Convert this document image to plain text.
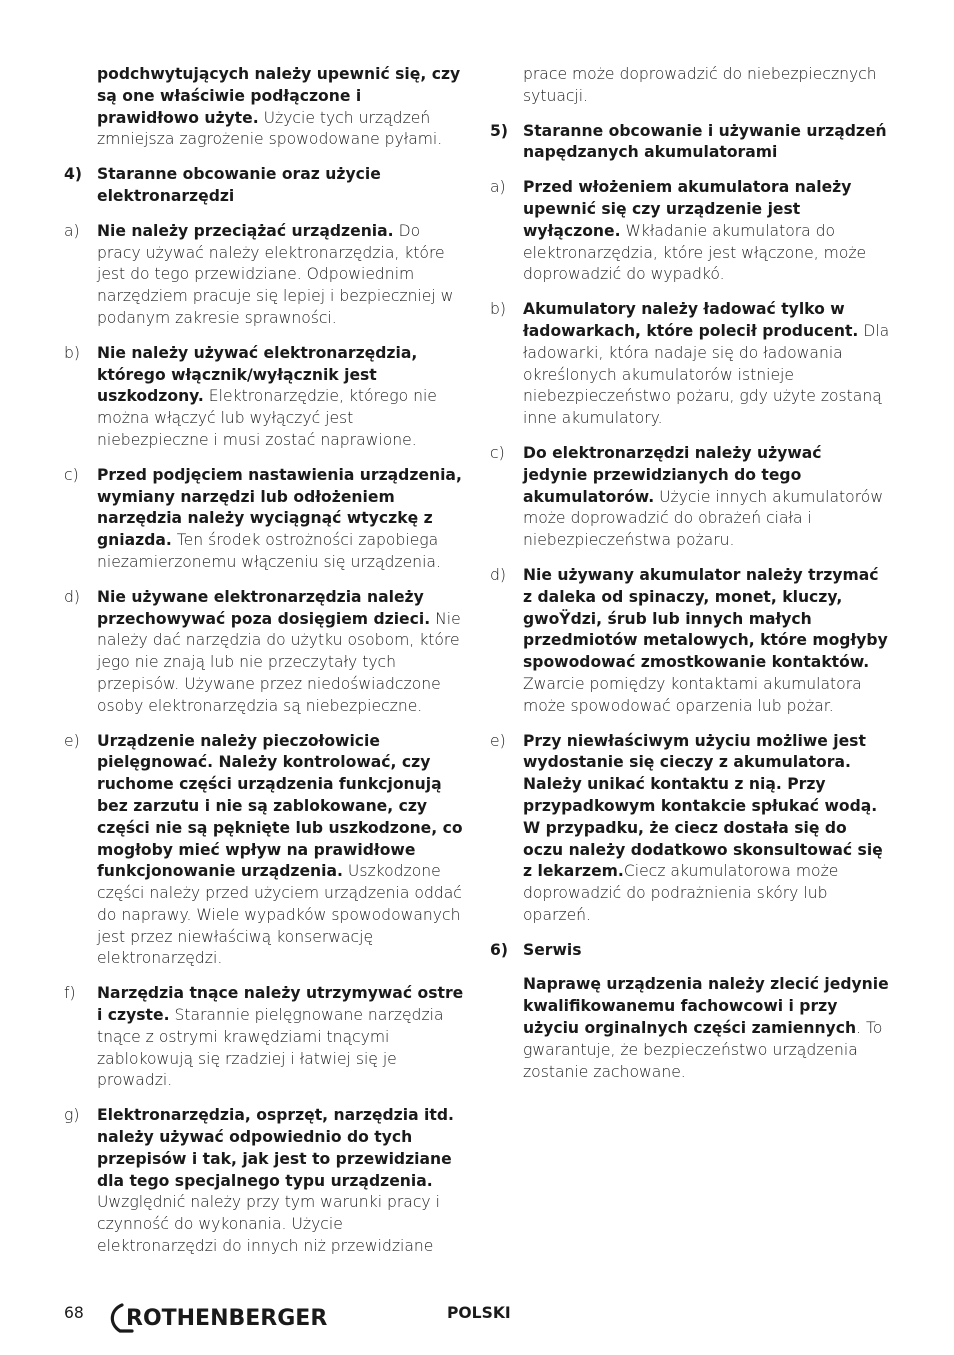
podchwytujących należy upewnić się, czy są one właściwie podłączone i prawidłowo użyte. Użycie tych urządzeń zmniejsza zagrożenie spowodowane pyłami.
4) Staranne obcowanie oraz użycie elektronarzędzi
a) Nie należy przeciążać urządzenia. Do pracy używać należy elektronarzędzia, które jest do tego przewidziane. Odpowiednim narzędziem pracuje się lepiej i bezpieczniej w podanym zakresie sprawności.
b) Nie należy używać elektronarzędzia, którego włącznik/wyłącznik jest uszkodzony. Elektronarzędzie, którego nie można włączyć lub wyłączyć jest niebezpieczne i musi zostać naprawione.
c) Przed podjęciem nastawienia urządzenia, wymiany narzędzi lub odłożeniem narzędzia należy wyciągnąć wtyczkę z gniazda. Ten środek ostrożności zapobiega niezamierzonemu włączeniu się urządzenia.
d) Nie używane elektronarzędzia należy przechowywać poza dosięgiem dzieci. Nie należy dać narzędzia do użytku osobom, które jego nie znają lub nie przeczytały tych przepisów. Używane przez niedoświadczone osoby elektronarzędzia są niebezpieczne.
e) Urządzenie należy pieczołowicie pielęgnować. Należy kontrolować, czy ruchome części urządzenia funkcjonują bez zarzutu i nie są zablokowane, czy części nie są pęknięte lub uszkodzone, co mogłoby mieć wpływ na prawidłowe funkcjonowanie urządzenia. Uszkodzone części należy przed użyciem urządzenia oddać do naprawy. Wiele wypadków spowodowanych jest przez niewłaściwą konserwację elektronarzędzi.
f) Narzędzia tnące należy utrzymywać ostre i czyste. Starannie pielęgnowane narzędzia tnące z ostrymi krawędziami tnącymi zablokowują się rzadziej i łatwiej się je prowadzi.
g) Elektronarzędzia, osprzęt, narzędzia itd. należy używać odpowiednio do tych przepisów i tak, jak jest to przewidziane dla tego specjalnego typu urządzenia. Uwzględnić należy przy tym warunki pracy i czynność do wykonania. Użycie elektronarzędzi do innych niż przewidziane
prace może doprowadzić do niebezpiecznych sytuacji.
5) Staranne obcowanie i używanie urządzeń napędzanych akumulatorami
a) Przed włożeniem akumulatora należy upewnić się czy urządzenie jest wyłączone. Wkładanie akumulatora do elektronarzędzia, które jest włączone, może doprowadzić do wypadkó.
b) Akumulatory należy ładować tylko w ładowarkach, które polecił producent. Dla ładowarki, która nadaje się do ładowania określonych akumulatorów istnieje niebezpieczeństwo pożaru, gdy użyte zostaną inne akumulatory.
c) Do elektronarzędzi należy używać jedynie przewidzianych do tego akumulatorów. Użycie innych akumulatorów może doprowadzić do obrażeń ciała i niebezpieczeństwa pożaru.
d) Nie używany akumulator należy trzymać z daleka od spinaczy, monet, kluczy, gwoŸdzi, śrub lub innych małych przedmiotów metalowych, które mogłyby spowodować zmostkowanie kontaktów. Zwarcie pomiędzy kontaktami akumulatora może spowodować oparzenia lub pożar.
e) Przy niewłaściwym użyciu możliwe jest wydostanie się cieczy z akumulatora. Należy unikać kontaktu z nią. Przy przypadkowym kontakcie spłukać wodą. W przypadku, że ciecz dostała się do oczu należy dodatkowo skonsultować się z lekarzem.Ciecz akumulatorowa może doprowadzić do podrażnienia skóry lub oparzeń.
6) Serwis
Naprawę urządzenia należy zlecić jedynie kwalifikowanemu fachowcowi i przy użyciu orginalnych części zamiennych. To gwarantuje, że bezpieczeństwo urządzenia zostanie zachowane.
68 ROTHENBERGER	POLSKI
